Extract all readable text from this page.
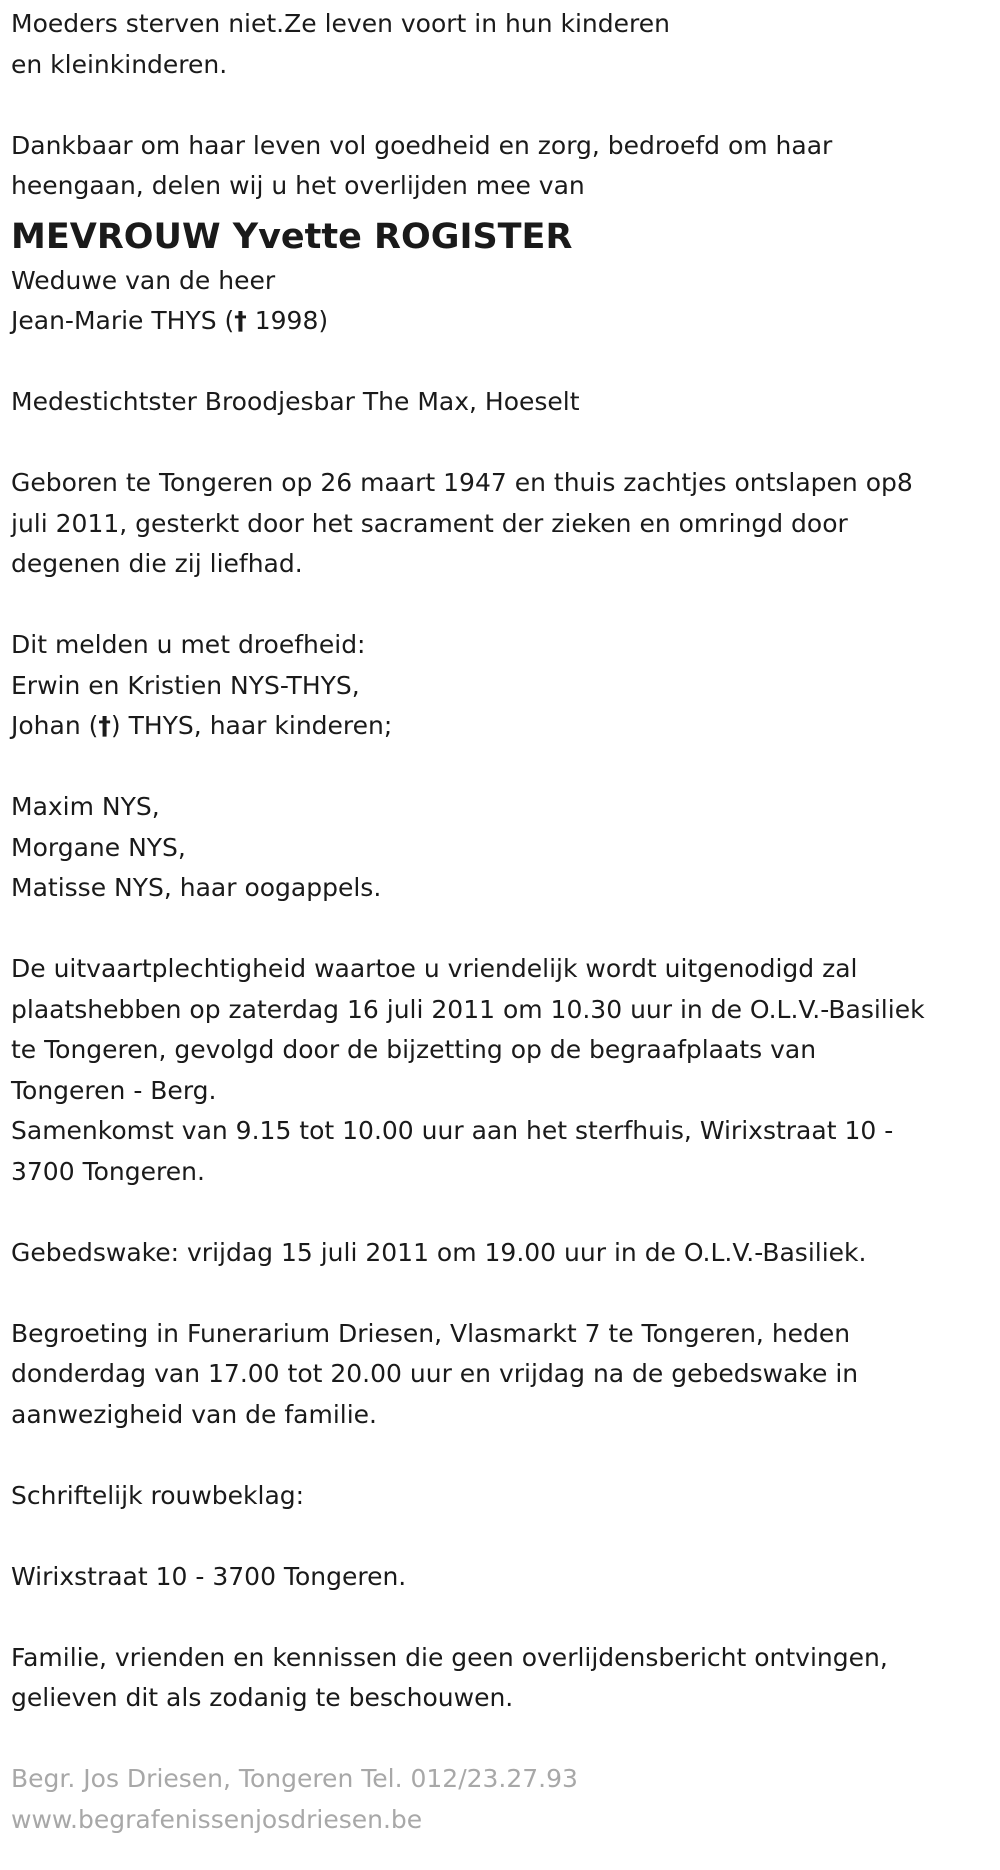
Moeders sterven niet.Ze leven voort in hun kinderen

en kleinkinderen.

Dankbaar om haar leven vol goedheid en zorg, bedroefd om haar

heengaan, delen wij u het overlijden mee van

MEVROUW Yvette ROGISTER

Weduwe van de heer

Jean-Marie THYS († 1998)

Medestichtster Broodjesbar The Max, Hoeselt

Geboren te Tongeren op 26 maart 1947 en thuis zachtjes ontslapen op8

juli 2011, gesterkt door het sacrament der zieken en omringd door

degenen die zij liefhad.

Dit melden u met droefheid:

Erwin en Kristien NYS-THYS,

Johan (†) THYS, haar kinderen;

Maxim NYS,

Morgane NYS,

Matisse NYS, haar oogappels.

De uitvaartplechtigheid waartoe u vriendelijk wordt uitgenodigd zal

plaatshebben op zaterdag 16 juli 2011 om 10.30 uur in de O.L.V.-Basiliek

te Tongeren, gevolgd door de bijzetting op de begraafplaats van

Tongeren - Berg.

Samenkomst van 9.15 tot 10.00 uur aan het sterfhuis, Wirixstraat 10 -

3700 Tongeren.

Gebedswake: vrijdag 15 juli 2011 om 19.00 uur in de O.L.V.-Basiliek.

Begroeting in Funerarium Driesen, Vlasmarkt 7 te Tongeren, heden

donderdag van 17.00 tot 20.00 uur en vrijdag na de gebedswake in

aanwezigheid van de familie.

Schriftelijk rouwbeklag:

Wirixstraat 10 - 3700 Tongeren.

Familie, vrienden en kennissen die geen overlijdensbericht ontvingen,

gelieven dit als zodanig te beschouwen.

Begr. Jos Driesen, Tongeren Tel. 012/23.27.93

www.begrafenissenjosdriesen.be
